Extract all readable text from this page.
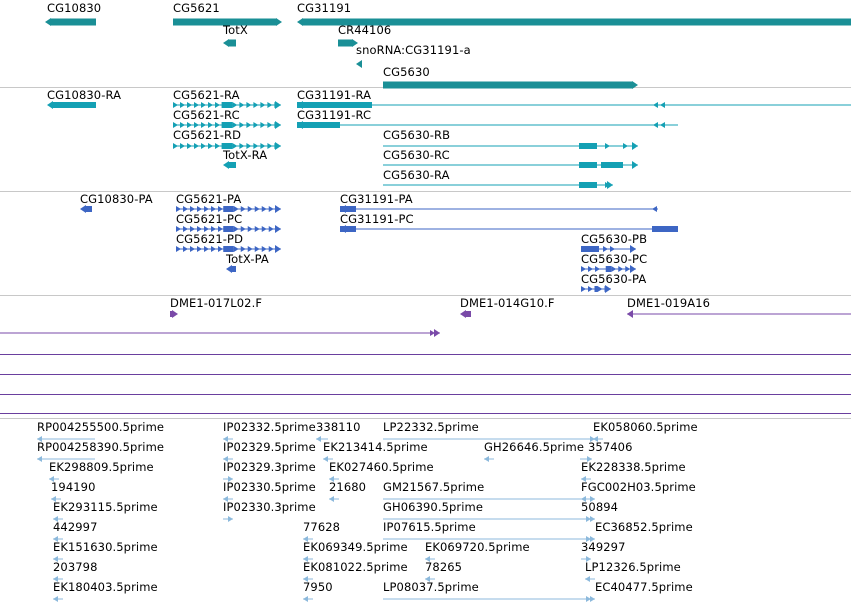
CG10830	CG5621	CG31191
TotX	CR44106
snoRNA:CG31191-a
CG5630
CG10830-RA	CG5621-RA	CG31191-RA
CG5621-RC	CG31191-RC
CG5621-RD	CG5630-RB
TotX-RA	CG5630-RC
CG5630-RA
CG10830-PA CG5621-PA	CG31191-PA
CG5621-PC	CG31191-PC
CG5621-PD	CG5630-PB
TotX-PA	CG5630-PC
CG5630-PA
DME1-017L02.F	DME1-014G10.F	DME1-019A16
RP004255500.5prime	IP02332.5prime 338110 LP22332.5prime	EK058060.5prime
RP004258390.5prime	IP02329.5prime EK213414.5prime	GH26646.5prime 357406
EK298809.5prime	IP02329.3prime EK027460.5prime	EK228338.5prime
194190	IP02330.5prime 21680 GM21567.5prime	FGC002H03.5prime
EK293115.5prime	IP02330.3prime	GH06390.5prime	50894
442997	77628	IP07615.5prime	EC36852.5prime
EK151630.5prime	EK069349.5prime EK069720.5prime	349297
203798	EK081022.5prime 78265	LP12326.5prime
EK180403.5prime	7950	LP08037.5prime	EC40477.5prime
